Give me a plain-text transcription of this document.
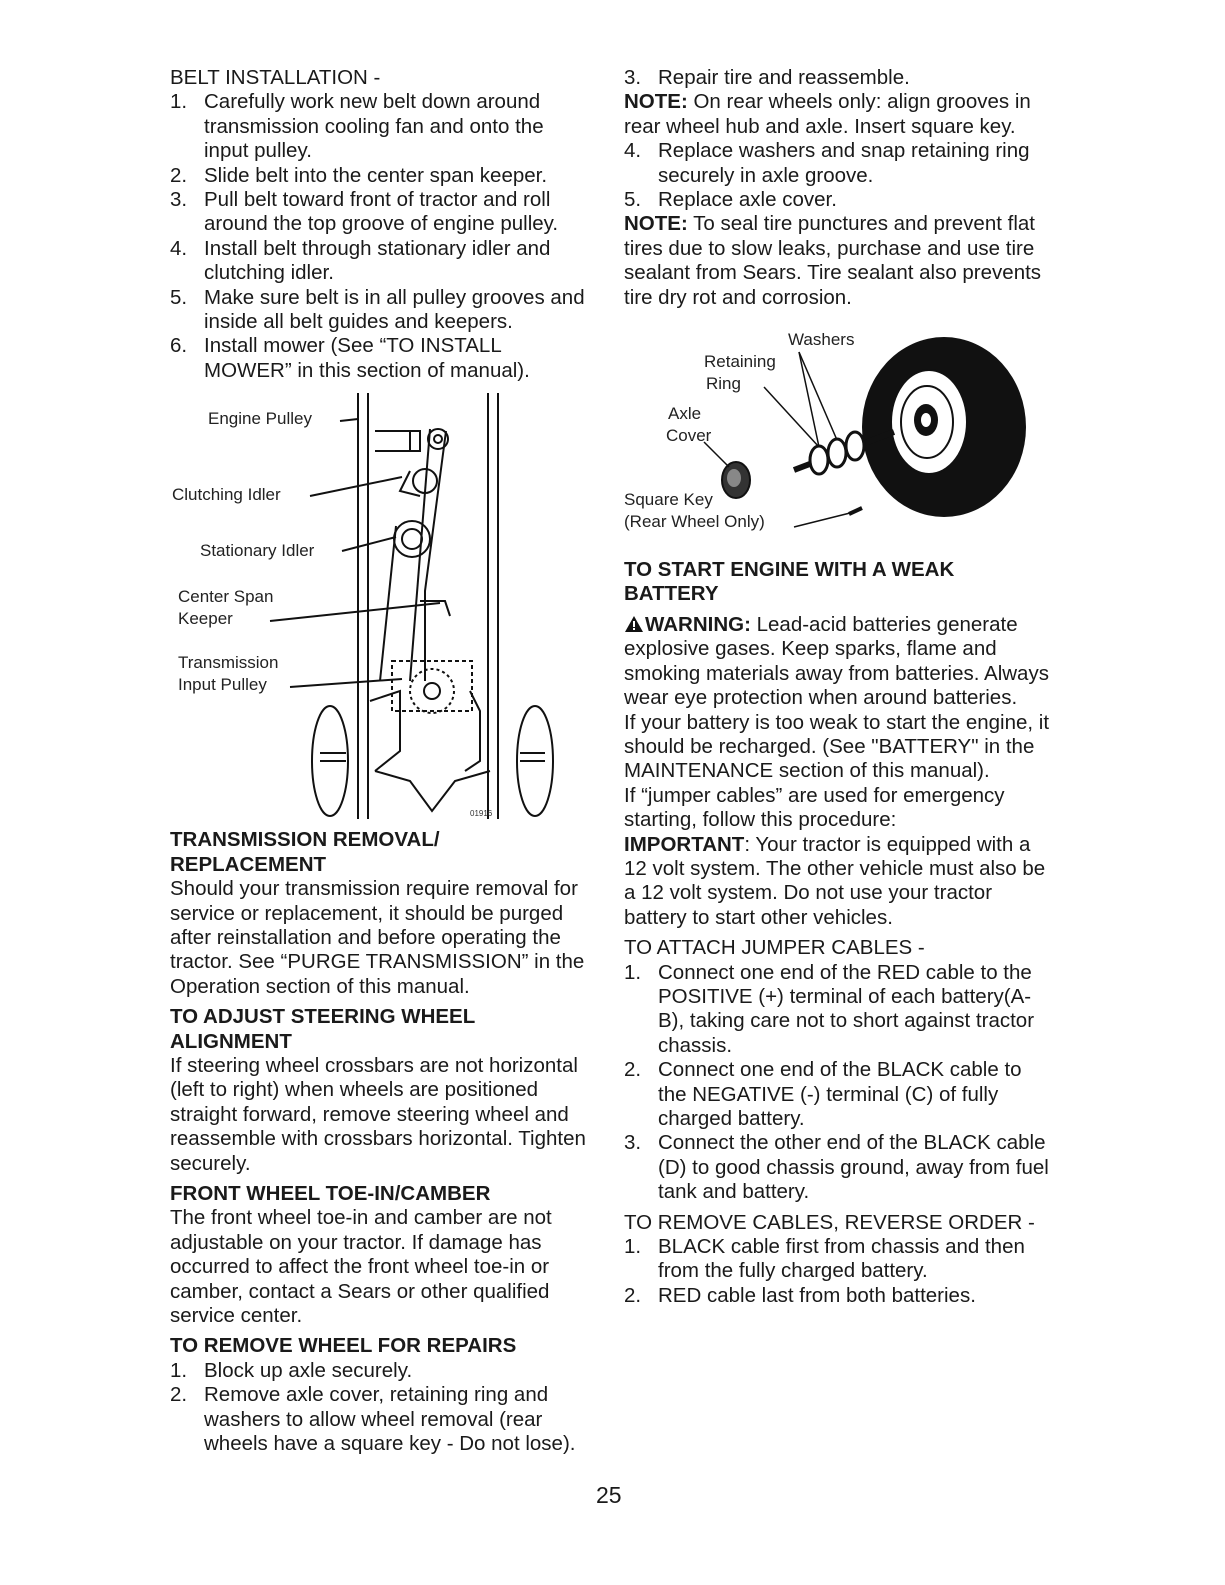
BELT INSTALLATION -

1. Carefully work new belt down around transmission cooling fan and onto the input pulley.
2. Slide belt into the center span keeper.
3. Pull belt toward front of tractor and roll around the top groove of engine pulley.
4. Install belt through stationary idler and clutching idler.
5. Make sure belt is in all pulley grooves and inside all belt guides and keepers.
6. Install mower (See “TO INSTALL MOWER” in this section of manual).
01916
Engine Pulley
Clutching Idler
Stationary Idler
Center Span
Keeper
Transmission
Input Pulley

TRANSMISSION REMOVAL/ REPLACEMENT

Should your transmission require removal for service or replacement, it should be purged after reinstallation and before operating the tractor. See “PURGE TRANSMISSION” in the Operation section of this manual.

TO ADJUST STEERING WHEEL ALIGNMENT

If steering wheel crossbars are not horizontal (left to right) when wheels are positioned straight forward, remove steering wheel and reassemble with crossbars horizontal. Tighten securely.

FRONT WHEEL TOE-IN/CAMBER

The front wheel toe-in and camber are not adjustable on your tractor. If damage has occurred to affect the front wheel toe-in or camber, contact a Sears or other qualified service center.

TO REMOVE WHEEL FOR REPAIRS

1. Block up axle securely.
2. Remove axle cover, retaining ring and washers to allow wheel removal (rear wheels have a square key - Do not lose).
3. Repair tire and reassemble.

NOTE: On rear wheels only: align grooves in rear wheel hub and axle. Insert square key.

4. Replace washers and snap retaining ring securely in axle groove.
5. Replace axle cover.

NOTE: To seal tire punctures and prevent flat tires due to slow leaks, purchase and use tire sealant from Sears. Tire sealant also prevents tire dry rot and corrosion.

Washers
Retaining
Ring
Axle
Cover
Square Key
(Rear Wheel Only)

TO START ENGINE WITH A WEAK BATTERY

WARNING: Lead-acid batteries generate explosive gases. Keep sparks, flame and smoking materials away from batteries. Always wear eye protection when around batteries.

If your battery is too weak to start the engine, it should be recharged. (See "BATTERY" in the MAINTENANCE section of this manual).

If “jumper cables” are used for emergency starting, follow this procedure:

IMPORTANT: Your tractor is equipped with a 12 volt system. The other vehicle must also be a 12 volt system. Do not use your tractor battery to start other vehicles.

TO ATTACH JUMPER CABLES -

1. Connect one end of the RED cable to the POSITIVE (+) terminal of each battery(A-B), taking care not to short against tractor chassis.
2. Connect one end of the BLACK cable to the NEGATIVE (-) terminal (C) of fully charged battery.
3. Connect the other end of the BLACK cable (D) to good chassis ground, away from fuel tank and battery.

TO REMOVE CABLES, REVERSE ORDER -

1. BLACK cable first from chassis and then from the fully charged battery.
2. RED cable last from both batteries.
25
